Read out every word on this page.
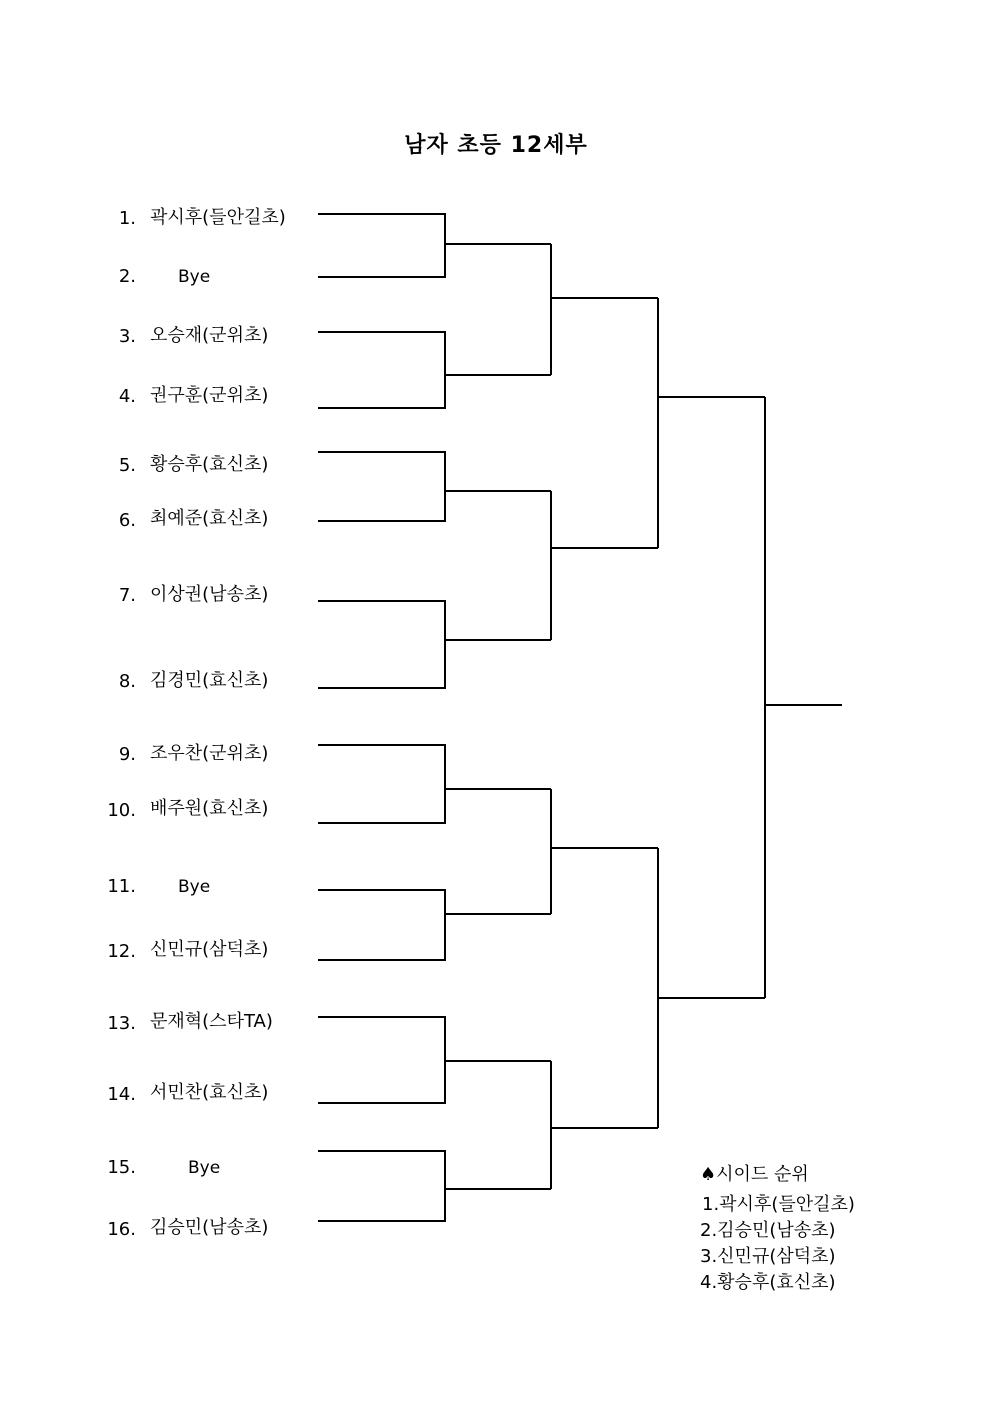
남자 초등 12세부
1. 곽시후(들안길초)
2. Bye
3. 오승재(군위초)
4. 권구훈(군위초)
5. 황승후(효신초)
6. 최예준(효신초)
7. 이상권(남송초)
8. 김경민(효신초)
9. 조우찬(군위초)
10. 배주원(효신초)
11. Bye
12. 신민규(삼덕초)
13. 문재혁(스타TA)
14. 서민찬(효신초)
15.	Bye
16. 김승민(남송초)
♠시이드 순위
1.곽시후(들안길초)
2.김승민(남송초)
3.신민규(삼덕초)
4.황승후(효신초)
